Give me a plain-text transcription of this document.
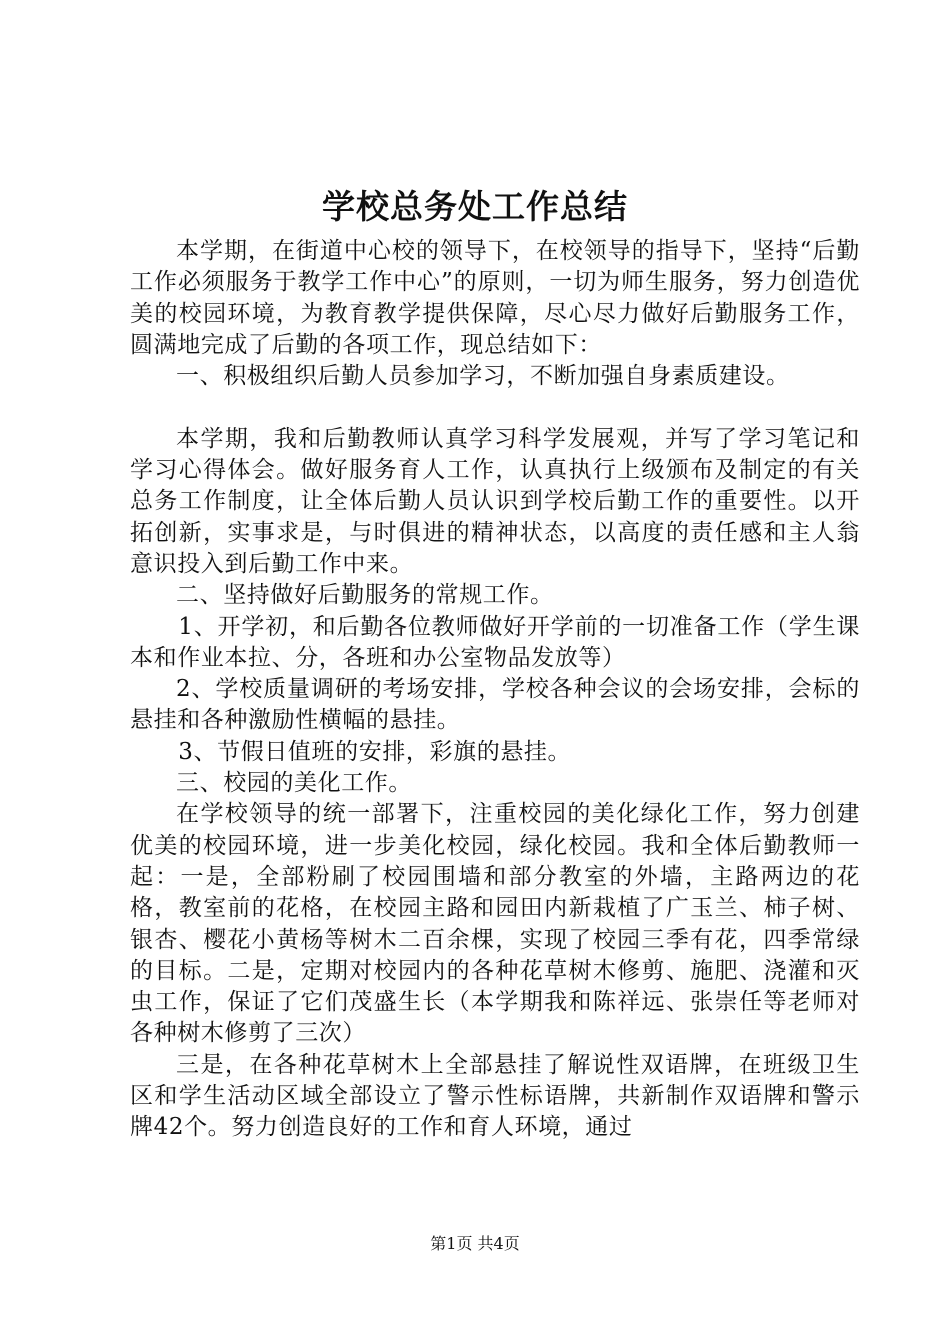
学校总务处工作总结

本学期，在街道中心校的领导下，在校领导的指导下，坚持“后勤工作必须服务于教学工作中心”的原则，一切为师生服务，努力创造优美的校园环境，为教育教学提供保障，尽心尽力做好后勤服务工作，圆满地完成了后勤的各项工作，现总结如下：

一、积极组织后勤人员参加学习，不断加强自身素质建设。

本学期，我和后勤教师认真学习科学发展观，并写了学习笔记和学习心得体会。做好服务育人工作，认真执行上级颁布及制定的有关总务工作制度，让全体后勤人员认识到学校后勤工作的重要性。以开拓创新，实事求是，与时俱进的精神状态，以高度的责任感和主人翁意识投入到后勤工作中来。

二、坚持做好后勤服务的常规工作。

1、开学初，和后勤各位教师做好开学前的一切准备工作（学生课本和作业本拉、分，各班和办公室物品发放等）

2、学校质量调研的考场安排，学校各种会议的会场安排，会标的悬挂和各种激励性横幅的悬挂。

3、节假日值班的安排，彩旗的悬挂。

三、校园的美化工作。

在学校领导的统一部署下，注重校园的美化绿化工作，努力创建优美的校园环境，进一步美化校园，绿化校园。我和全体后勤教师一起：一是，全部粉刷了校园围墙和部分教室的外墙，主路两边的花格，教室前的花格，在校园主路和园田内新栽植了广玉兰、柿子树、银杏、樱花小黄杨等树木二百余棵，实现了校园三季有花，四季常绿的目标。二是，定期对校园内的各种花草树木修剪、施肥、浇灌和灭虫工作，保证了它们茂盛生长（本学期我和陈祥远、张崇任等老师对各种树木修剪了三次）

三是，在各种花草树木上全部悬挂了解说性双语牌，在班级卫生区和学生活动区域全部设立了警示性标语牌，共新制作双语牌和警示牌42个。努力创造良好的工作和育人环境，通过

第1页 共4页
